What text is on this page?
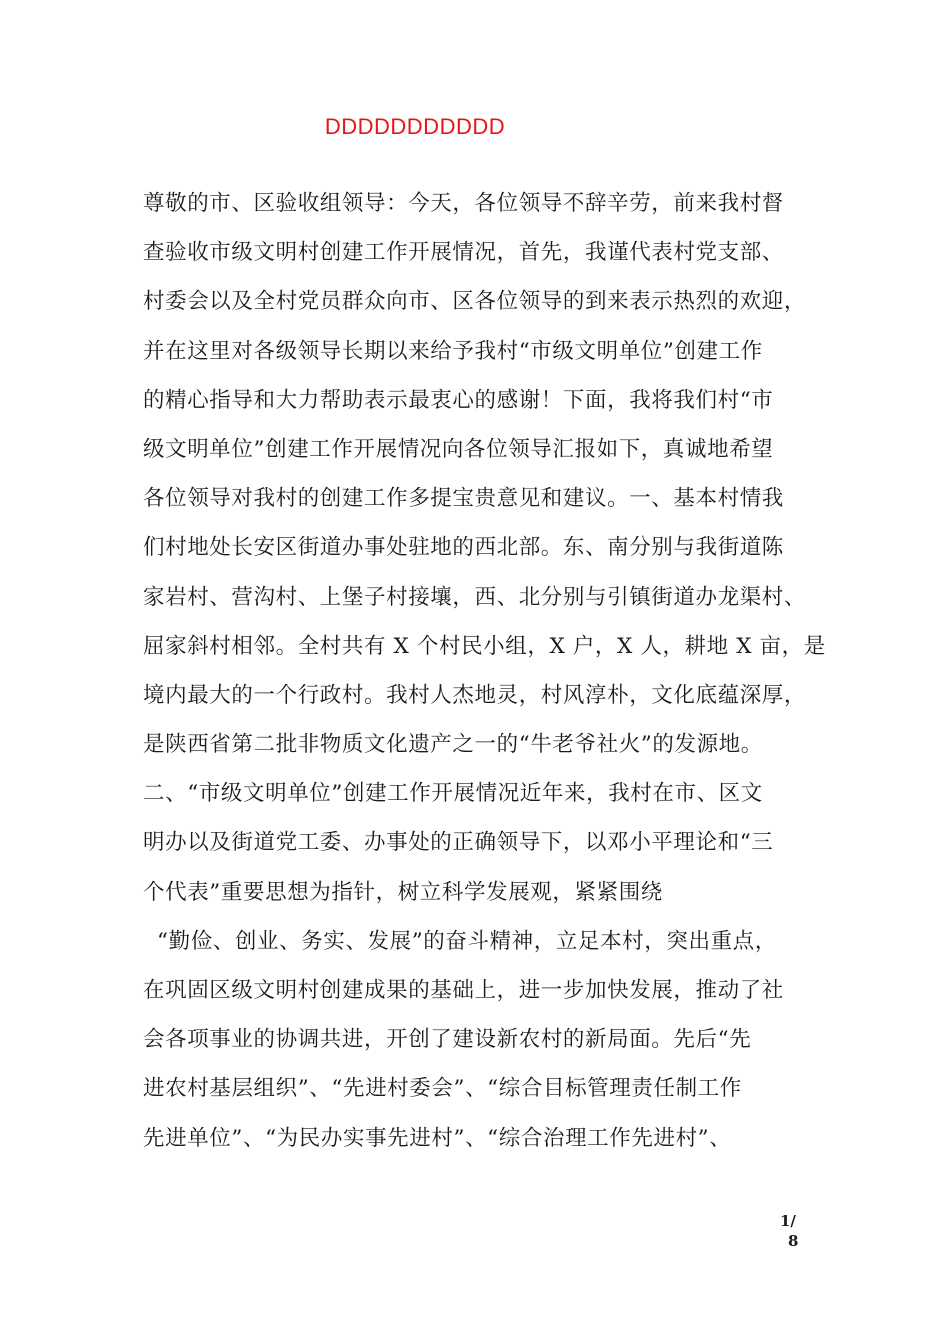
DDDDDDDDDDD
尊敬的市、区验收组领导：今天，各位领导不辞辛劳，前来我村督
查验收市级文明村创建工作开展情况，首先，我谨代表村党支部、
村委会以及全村党员群众向市、区各位领导的到来表示热烈的欢迎，
并在这里对各级领导长期以来给予我村“市级文明单位”创建工作
的精心指导和大力帮助表示最衷心的感谢！下面，我将我们村“市
级文明单位”创建工作开展情况向各位领导汇报如下，真诚地希望
各位领导对我村的创建工作多提宝贵意见和建议。一、基本村情我
们村地处长安区街道办事处驻地的西北部。东、南分别与我街道陈
家岩村、营沟村、上堡子村接壤，西、北分别与引镇街道办龙渠村、
屈家斜村相邻。全村共有 X 个村民小组，X 户，X 人，耕地 X 亩，是
境内最大的一个行政村。我村人杰地灵，村风淳朴，文化底蕴深厚，
是陕西省第二批非物质文化遗产之一的“牛老爷社火”的发源地。
二、“市级文明单位”创建工作开展情况近年来，我村在市、区文
明办以及街道党工委、办事处的正确领导下，以邓小平理论和“三
个代表”重要思想为指针，树立科学发展观，紧紧围绕
“勤俭、创业、务实、发展”的奋斗精神，立足本村，突出重点，
在巩固区级文明村创建成果的基础上，进一步加快发展，推动了社
会各项事业的协调共进，开创了建设新农村的新局面。先后“先
进农村基层组织”、“先进村委会”、“综合目标管理责任制工作
先进单位”、“为民办实事先进村”、“综合治理工作先进村”、
1/
8
